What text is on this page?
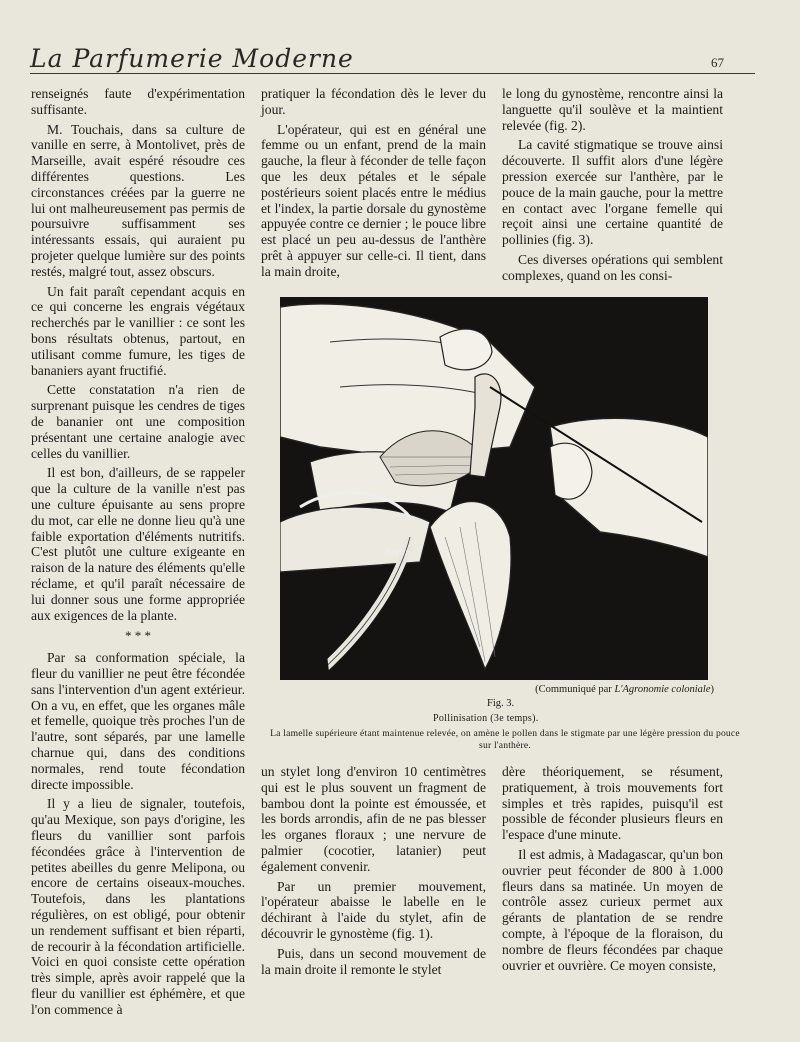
La Parfumerie Moderne	67

renseignés faute d'expérimentation suffisante.

M. Touchais, dans sa culture de vanille en serre, à Montolivet, près de Marseille, avait espéré résoudre ces différentes questions. Les circonstances créées par la guerre ne lui ont malheureusement pas permis de poursuivre suffisamment ses intéressants essais, qui auraient pu projeter quelque lumière sur des points restés, malgré tout, assez obscurs.

Un fait paraît cependant acquis en ce qui concerne les engrais végétaux recherchés par le vanillier : ce sont les bons résultats obtenus, partout, en utilisant comme fumure, les tiges de bananiers ayant fructifié.

Cette constatation n'a rien de surprenant puisque les cendres de tiges de bananier ont une composition présentant une certaine analogie avec celles du vanillier.

Il est bon, d'ailleurs, de se rappeler que la culture de la vanille n'est pas une culture épuisante au sens propre du mot, car elle ne donne lieu qu'à une faible exportation d'éléments nutritifs. C'est plutôt une culture exigeante en raison de la nature des éléments qu'elle réclame, et qu'il paraît nécessaire de lui donner sous une forme appropriée aux exigences de la plante.

* * *

Par sa conformation spéciale, la fleur du vanillier ne peut être fécondée sans l'intervention d'un agent extérieur. On a vu, en effet, que les organes mâle et femelle, quoique très proches l'un de l'autre, sont séparés, par une lamelle charnue qui, dans des conditions normales, rend toute fécondation directe impossible.

Il y a lieu de signaler, toutefois, qu'au Mexique, son pays d'origine, les fleurs du vanillier sont parfois fécondées grâce à l'intervention de petites abeilles du genre Melipona, ou encore de certains oiseaux-mouches. Toutefois, dans les plantations régulières, on est obligé, pour obtenir un rendement suffisant et bien réparti, de recourir à la fécondation artificielle. Voici en quoi consiste cette opération très simple, après avoir rappelé que la fleur du vanillier est éphémère, et que l'on commence à

pratiquer la fécondation dès le lever du jour.

L'opérateur, qui est en général une femme ou un enfant, prend de la main gauche, la fleur à féconder de telle façon que les deux pétales et le sépale postérieurs soient placés entre le médius et l'index, la partie dorsale du gynostème appuyée contre ce dernier ; le pouce libre est placé un peu au-dessus de l'anthère prêt à appuyer sur celle-ci. Il tient, dans la main droite,

le long du gynostème, rencontre ainsi la languette qu'il soulève et la maintient relevée (fig. 2).

La cavité stigmatique se trouve ainsi découverte. Il suffit alors d'une légère pression exercée sur l'anthère, par le pouce de la main gauche, pour la mettre en contact avec l'organe femelle qui reçoit ainsi une certaine quantité de pollinies (fig. 3).

Ces diverses opérations qui semblent complexes, quand on les consi-

Bertin
(Communiqué par L'Agronomie coloniale)
Fig. 3.
Pollinisation (3e temps).
La lamelle supérieure étant maintenue relevée, on amène le pollen dans le stigmate par une légère pression du pouce sur l'anthère.

un stylet long d'environ 10 centimètres qui est le plus souvent un fragment de bambou dont la pointe est émoussée, et les bords arrondis, afin de ne pas blesser les organes floraux ; une nervure de palmier (cocotier, latanier) peut également convenir.

Par un premier mouvement, l'opérateur abaisse le labelle en le déchirant à l'aide du stylet, afin de découvrir le gynostème (fig. 1).

Puis, dans un second mouvement de la main droite il remonte le stylet

dère théoriquement, se résument, pratiquement, à trois mouvements fort simples et très rapides, puisqu'il est possible de féconder plusieurs fleurs en l'espace d'une minute.

Il est admis, à Madagascar, qu'un bon ouvrier peut féconder de 800 à 1.000 fleurs dans sa matinée. Un moyen de contrôle assez curieux permet aux gérants de plantation de se rendre compte, à l'époque de la floraison, du nombre de fleurs fécondées par chaque ouvrier et ouvrière. Ce moyen consiste,
